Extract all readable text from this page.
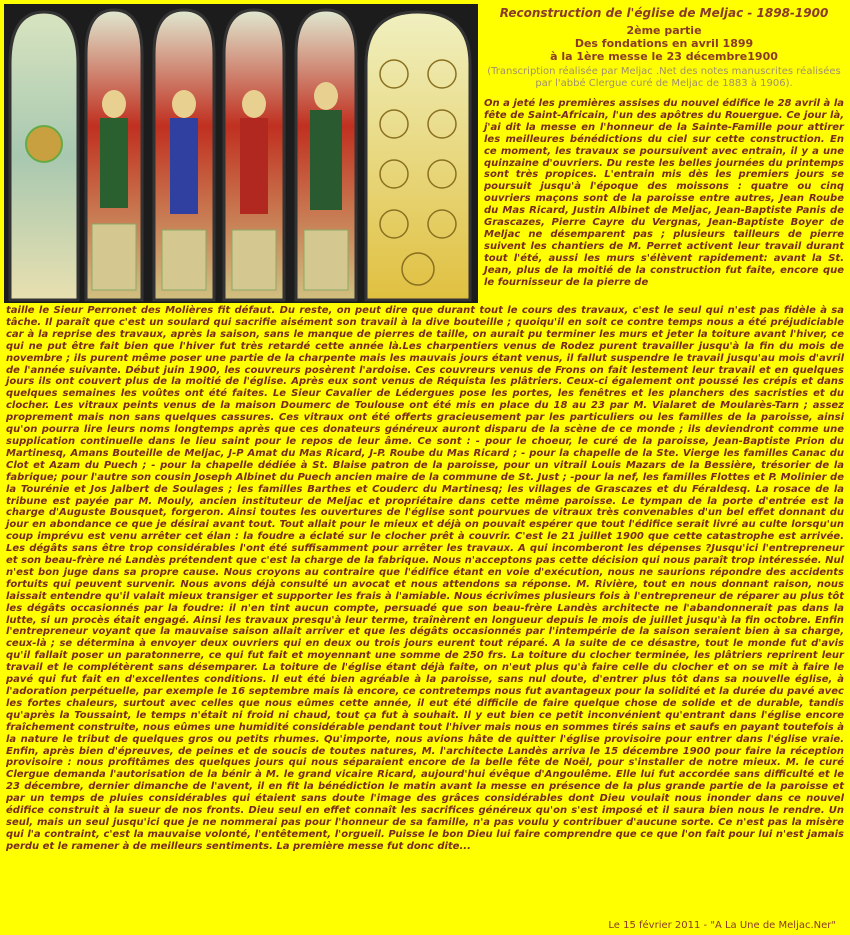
Reconstruction de l'église de Meljac - 1898-1900
2ème partie
Des fondations en avril 1899
à la 1ère messe le 23 décembre1900
(Transcription réalisée par Meljac .Net des notes manuscrites réalisées par l'abbé Clergue curé de Meljac de 1883 à 1906).
On a jeté les premières assises du nouvel édifice le 28 avril à la fête de Saint-Africain, l'un des apôtres du Rouergue. Ce jour là, j'ai dit la messe en l'honneur de la Sainte-Famille pour attirer les meilleures bénédictions du ciel sur cette construction. En ce moment, les travaux se poursuivent avec entrain, il y a une quinzaine d'ouvriers. Du reste les belles journées du printemps sont très propices. L'entrain mis dès les premiers jours se poursuit jusqu'à l'époque des moissons : quatre ou cinq ouvriers maçons sont de la paroisse entre autres, Jean Roube du Mas Ricard, Justin Albinet de Meljac, Jean-Baptiste Panis de Grascazes, Pierre Cayre du Vergnas, Jean-Baptiste Boyer de Meljac ne désemparent pas ; plusieurs tailleurs de pierre suivent les chantiers de M. Perret activent leur travail durant tout l'été, aussi les murs s'élèvent rapidement: avant la St. Jean, plus de la moitié de la construction fut faite, encore que le fournisseur de la pierre de
taille le Sieur Perronet des Molières fit défaut. Du reste, on peut dire que durant tout le cours des travaux, c'est le seul qui n'est pas fidèle à sa tâche. Il paraît que c'est un soulard qui sacrifie aisément son travail à la dive bouteille ; quoiqu'il en soit ce contre temps nous a été préjudiciable car à la reprise des travaux, après la saison, sans le manque de pierres de taille, on aurait pu terminer les murs et jeter la toiture avant l'hiver, ce qui ne put être fait bien que l'hiver fut très retardé cette année là.Les charpentiers venus de Rodez purent travailler jusqu'à la fin du mois de novembre ; ils purent même poser une partie de la charpente mais les mauvais jours étant venus, il fallut suspendre le travail jusqu'au mois d'avril de l'année suivante. Début juin 1900, les couvreurs posèrent l'ardoise. Ces couvreurs venus de Frons on fait lestement leur travail et en quelques jours ils ont couvert plus de la moitié de l'église. Après eux sont venus de Réquista les plâtriers. Ceux-ci également ont poussé les crépis et dans quelques semaines les voûtes ont été faites. Le Sieur Cavalier de Lédergues pose les portes, les fenêtres et les planchers des sacristies et du clocher. Les vitraux peints venus de la maison Doumerc de Toulouse ont été mis en place du 18 au 23 par M. Vialaret de Moularès-Tarn ; assez proprement mais non sans quelques cassures. Ces vitraux ont été offerts gracieusement par les particuliers ou les familles de la paroisse, ainsi qu'on pourra lire leurs noms longtemps après que ces donateurs généreux auront disparu de la scène de ce monde ; ils deviendront comme une supplication continuelle dans le lieu saint pour le repos de leur âme. Ce sont : - pour le choeur, le curé de la paroisse, Jean-Baptiste Prion du Martinesq, Amans Bouteille de Meljac, J-P Amat du Mas Ricard, J-P. Roube du Mas Ricard ; - pour la chapelle de la Ste. Vierge les familles Canac du Clot et Azam du Puech ; - pour la chapelle dédiée à St. Blaise patron de la paroisse, pour un vitrail Louis Mazars de la Bessière, trésorier de la fabrique; pour l'autre son cousin Joseph Albinet du Puech ancien maire de la commune de St. Just ; -pour la nef, les familles Flottes et P. Molinier de la Tourénie et Jos Jalbert de Soulages ; les familles Barthes et Couderc du Martinesq; les villages de Grascazes et du Féraldesq. La rosace de la tribune est payée par M. Mouly, ancien instituteur de Meljac et propriétaire dans cette même paroisse. Le tympan de la porte d'entrée est la charge d'Auguste Bousquet, forgeron. Ainsi toutes les ouvertures de l'église sont pourvues de vitraux très convenables d'un bel effet donnant du jour en abondance ce que je désirai avant tout. Tout allait pour le mieux et déjà on pouvait espérer que tout l'édifice serait livré au culte lorsqu'un coup imprévu est venu arrêter cet élan : la foudre a éclaté sur le clocher prêt à couvrir. C'est le 21 juillet 1900 que cette catastrophe est arrivée. Les dégâts sans être trop considérables l'ont été suffisamment pour arrêter les travaux. A qui incomberont les dépenses ?Jusqu'ici l'entrepreneur et son beau-frère né Landès prétendent que c'est la charge de la fabrique. Nous n'acceptons pas cette décision qui nous paraît trop intéressée. Nul n'est bon juge dans sa propre cause. Nous croyons au contraire que l'édifice étant en voie d'exécution, nous ne saurions répondre des accidents fortuits qui peuvent survenir. Nous avons déjà consulté un avocat et nous attendons sa réponse. M. Rivière, tout en nous donnant raison, nous laissait entendre qu'il valait mieux transiger et supporter les frais à l'amiable. Nous écrivîmes plusieurs fois à l'entrepreneur de réparer au plus tôt les dégâts occasionnés par la foudre: il n'en tint aucun compte, persuadé que son beau-frère Landès architecte ne l'abandonnerait pas dans la lutte, si un procès était engagé. Ainsi les travaux presqu'à leur terme, traînèrent en longueur depuis le mois de juillet jusqu'à la fin octobre. Enfin l'entrepreneur voyant que la mauvaise saison allait arriver et que les dégâts occasionnés par l'intempérie de la saison seraient bien à sa charge, ceux-là ; se détermina à envoyer deux ouvriers qui en deux ou trois jours eurent tout réparé. A la suite de ce désastre, tout le monde fut d'avis qu'il fallait poser un paratonnerre, ce qui fut fait et moyennant une somme de 250 frs. La toiture du clocher terminée, les plâtriers reprirent leur travail et le complétèrent sans désemparer. La toiture de l'église étant déjà faite, on n'eut plus qu'à faire celle du clocher et on se mit à faire le pavé qui fut fait en d'excellentes conditions. Il eut été bien agréable à la paroisse, sans nul doute, d'entrer plus tôt dans sa nouvelle église, à l'adoration perpétuelle, par exemple le 16 septembre mais là encore, ce contretemps nous fut avantageux pour la solidité et la durée du pavé avec les fortes chaleurs, surtout avec celles que nous eûmes cette année, il eut été difficile de faire quelque chose de solide et de durable, tandis qu'après la Toussaint, le temps n'était ni froid ni chaud, tout ça fut à souhait. Il y eut bien ce petit inconvénient qu'entrant dans l'église encore fraîchement construite, nous eûmes une humidité considérable pendant tout l'hiver mais nous en sommes tirés sains et saufs en payant toutefois à la nature le tribut de quelques gros ou petits rhumes. Qu'importe, nous avions hâte de quitter l'église provisoire pour entrer dans l'église vraie. Enfin, après bien d'épreuves, de peines et de soucis de toutes natures, M. l'architecte Landès arriva le 15 décembre 1900 pour faire la réception provisoire : nous profitâmes des quelques jours qui nous séparaient encore de la belle fête de Noël, pour s'installer de notre mieux. M. le curé Clergue demanda l'autorisation de la bénir à M. le grand vicaire Ricard, aujourd'hui évêque d'Angoulême. Elle lui fut accordée sans difficulté et le 23 décembre, dernier dimanche de l'avent, il en fit la bénédiction le matin avant la messe en présence de la plus grande partie de la paroisse et par un temps de pluies considérables qui étaient sans doute l'image des grâces considérables dont Dieu voulait nous inonder dans ce nouvel édifice construit à la sueur de nos fronts. Dieu seul en effet connaît les sacrifices généreux qu'on s'est imposé et il saura bien nous le rendre. Un seul, mais un seul jusqu'ici que je ne nommerai pas pour l'honneur de sa famille, n'a pas voulu y contribuer d'aucune sorte. Ce n'est pas la misère qui l'a contraint, c'est la mauvaise volonté, l'entêtement, l'orgueil. Puisse le bon Dieu lui faire comprendre que ce que l'on fait pour lui n'est jamais perdu et le ramener à de meilleurs sentiments. La première messe fut donc dite...
Le 15 février 2011 - "A La Une de Meljac.Ner"
